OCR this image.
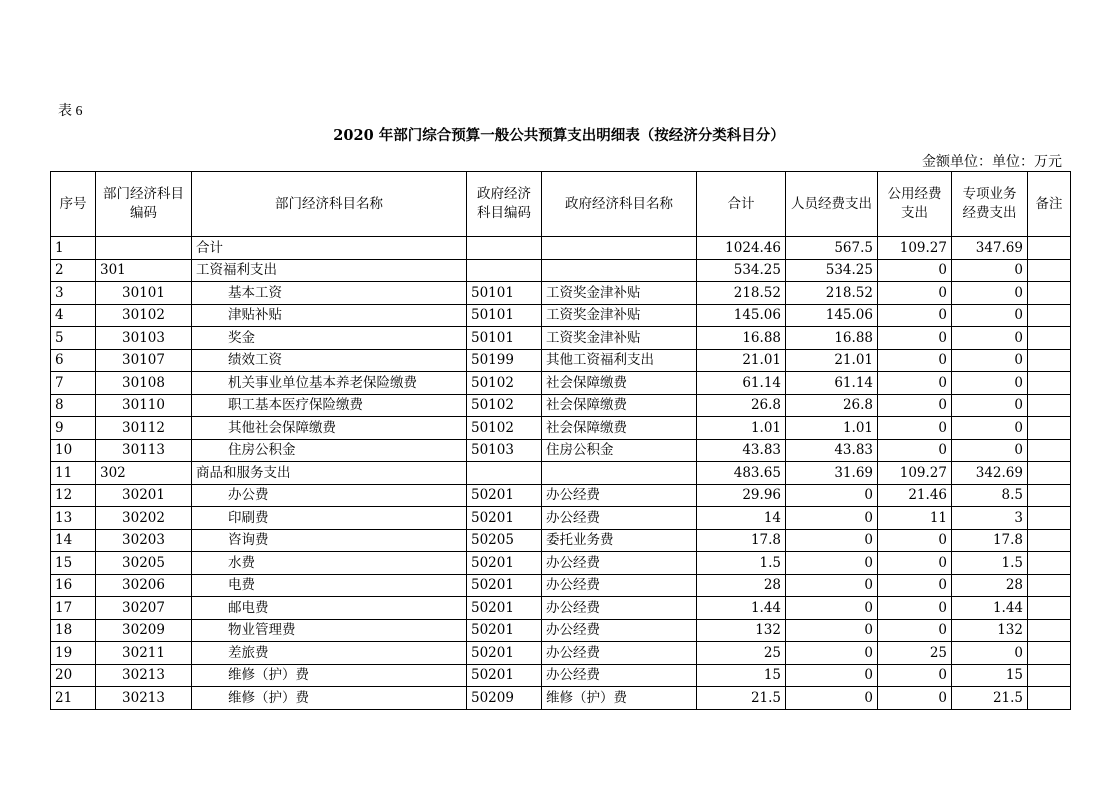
表 6
2020 年部门综合预算一般公共预算支出明细表（按经济分类科目分）
金额单位：单位：万元
序号	部门经济科目编码	部门经济科目名称	政府经济科目编码	政府经济科目名称	合计	人员经费支出	公用经费支出	专项业务经费支出	备注
1		合计			1024.46	567.5	109.27	347.69	
2	301	工资福利支出			534.25	534.25	0	0	
3	30101	基本工资	50101	工资奖金津补贴	218.52	218.52	0	0	
4	30102	津贴补贴	50101	工资奖金津补贴	145.06	145.06	0	0	
5	30103	奖金	50101	工资奖金津补贴	16.88	16.88	0	0	
6	30107	绩效工资	50199	其他工资福利支出	21.01	21.01	0	0	
7	30108	机关事业单位基本养老保险缴费	50102	社会保障缴费	61.14	61.14	0	0	
8	30110	职工基本医疗保险缴费	50102	社会保障缴费	26.8	26.8	0	0	
9	30112	其他社会保障缴费	50102	社会保障缴费	1.01	1.01	0	0	
10	30113	住房公积金	50103	住房公积金	43.83	43.83	0	0	
11	302	商品和服务支出			483.65	31.69	109.27	342.69	
12	30201	办公费	50201	办公经费	29.96	0	21.46	8.5	
13	30202	印刷费	50201	办公经费	14	0	11	3	
14	30203	咨询费	50205	委托业务费	17.8	0	0	17.8	
15	30205	水费	50201	办公经费	1.5	0	0	1.5	
16	30206	电费	50201	办公经费	28	0	0	28	
17	30207	邮电费	50201	办公经费	1.44	0	0	1.44	
18	30209	物业管理费	50201	办公经费	132	0	0	132	
19	30211	差旅费	50201	办公经费	25	0	25	0	
20	30213	维修（护）费	50201	办公经费	15	0	0	15	
21	30213	维修（护）费	50209	维修（护）费	21.5	0	0	21.5	
